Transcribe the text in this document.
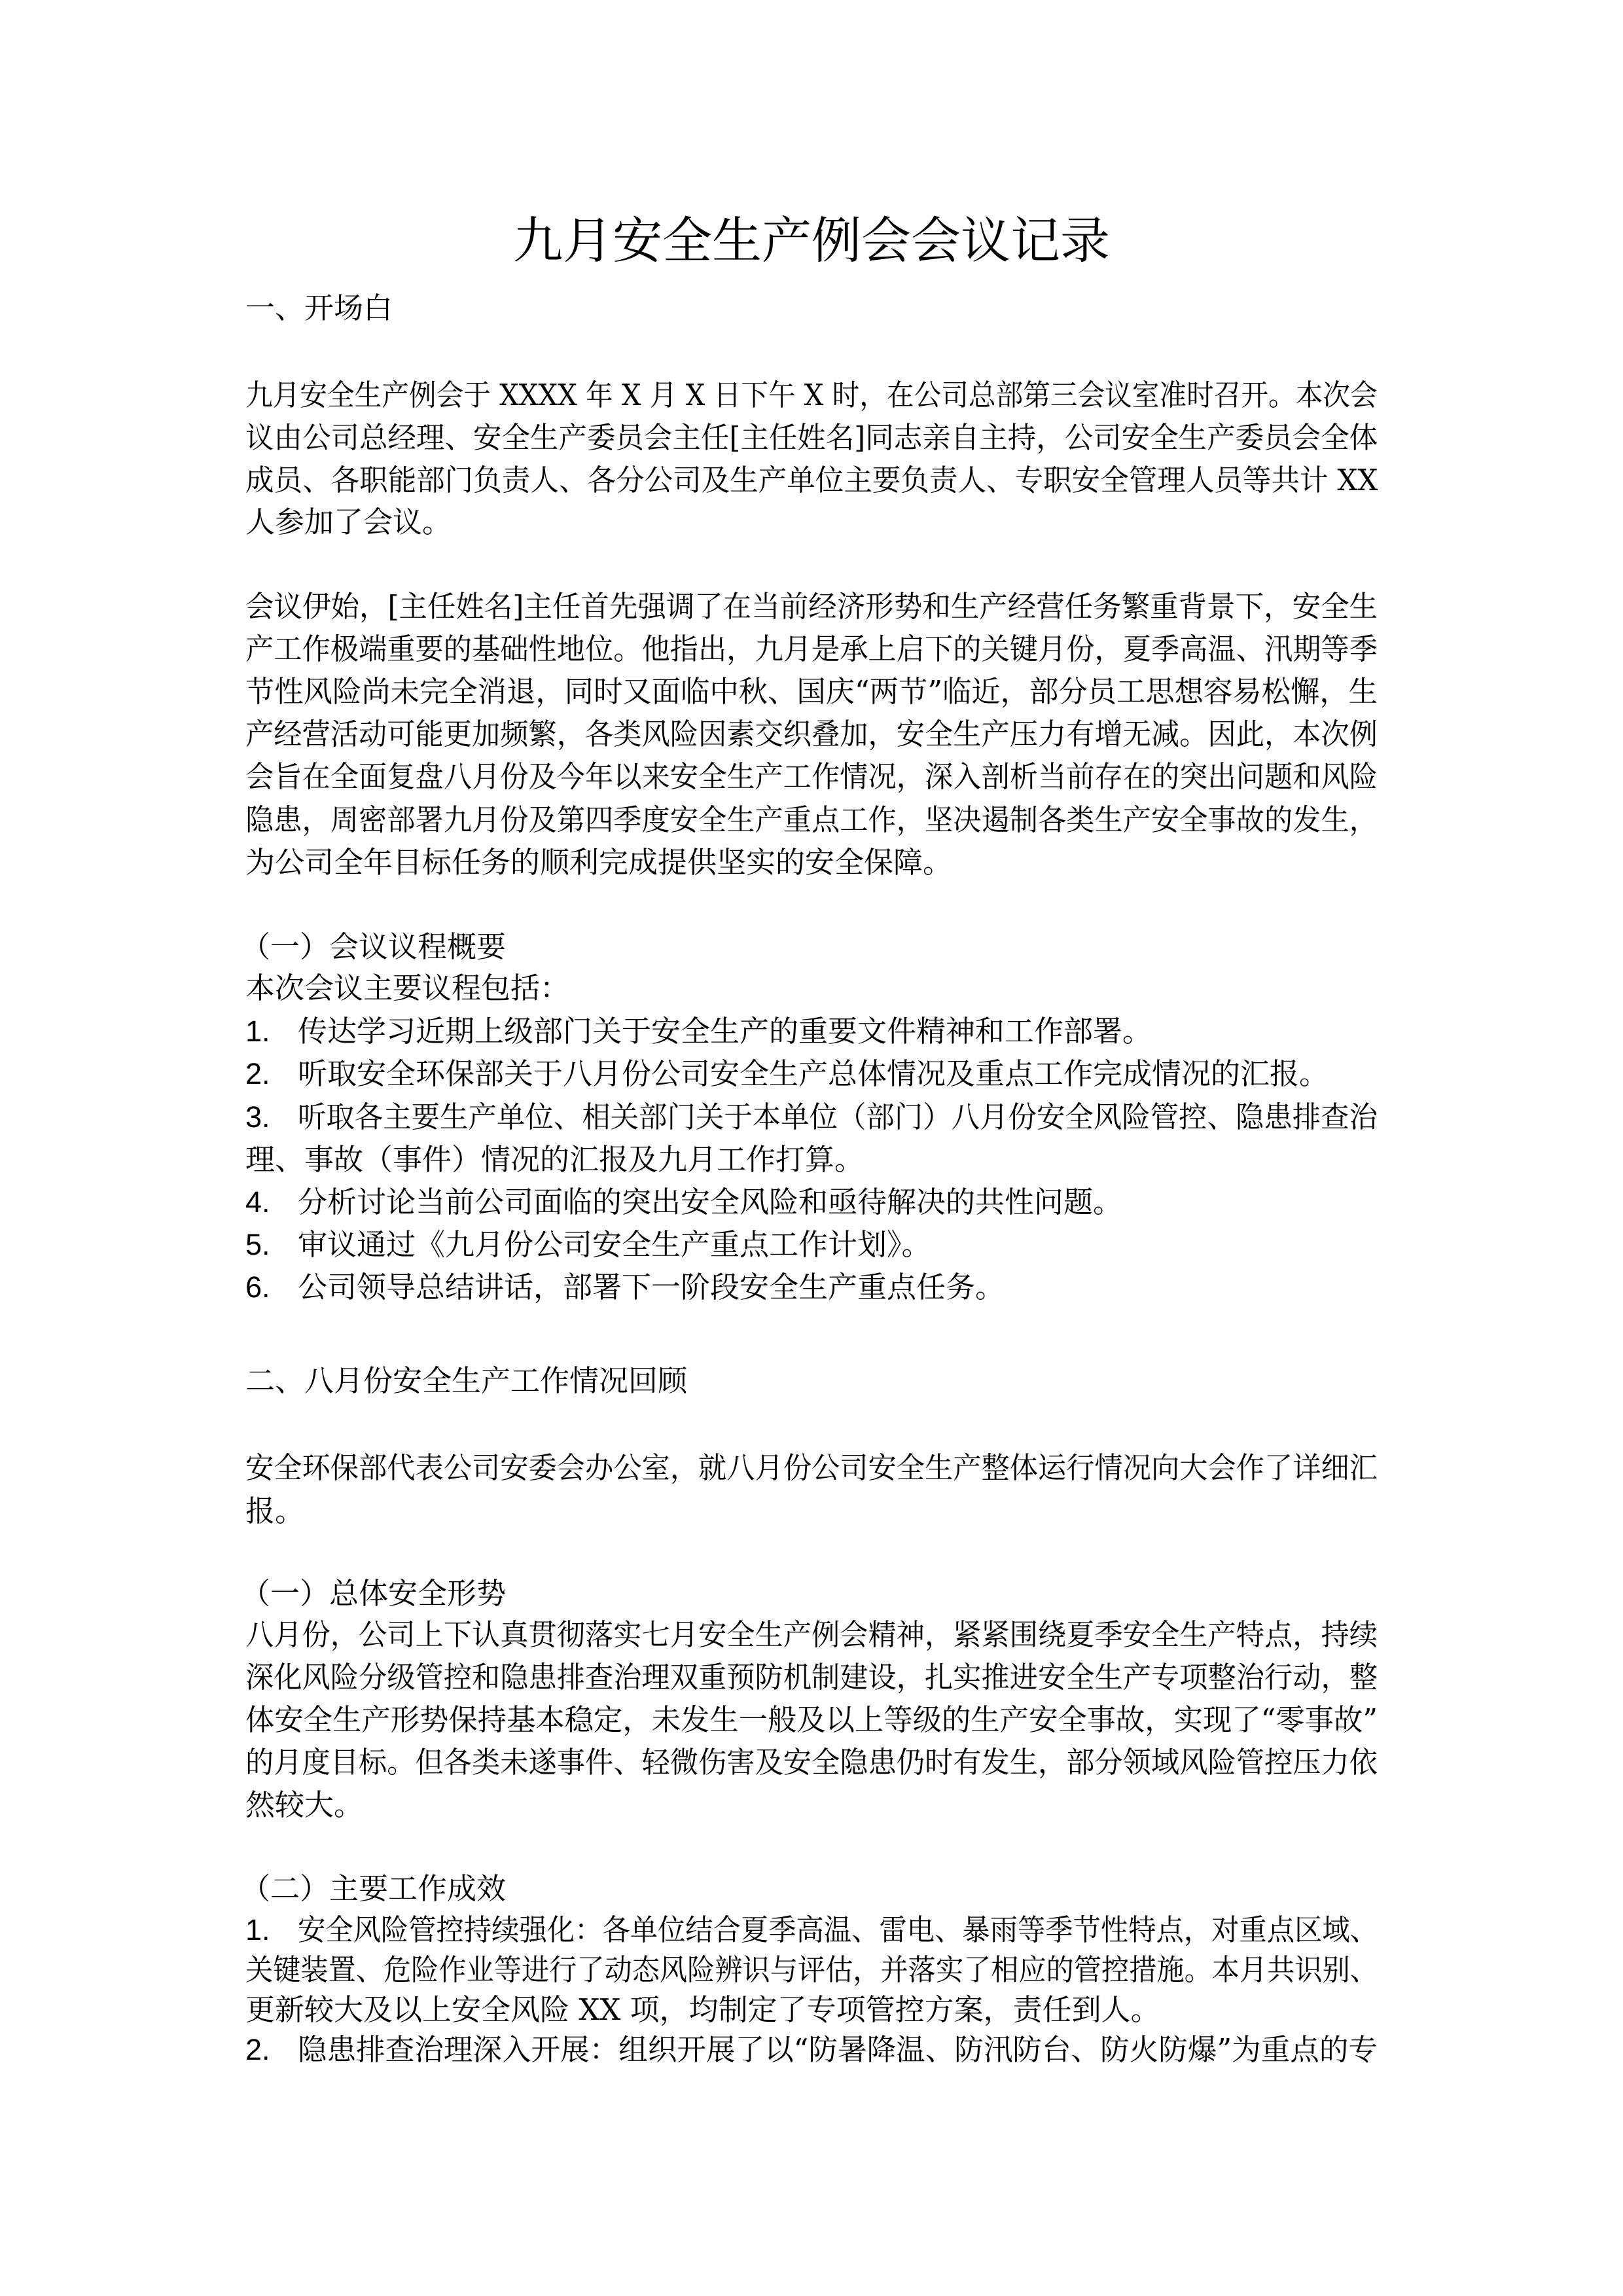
九月安全生产例会会议记录
一、开场白
九月安全生产例会于 XXXX 年 X 月 X 日下午 X 时，在公司总部第三会议室准时召开。本次会
议由公司总经理、安全生产委员会主任[主任姓名]同志亲自主持，公司安全生产委员会全体
成员、各职能部门负责人、各分公司及生产单位主要负责人、专职安全管理人员等共计 XX
人参加了会议。
会议伊始，[主任姓名]主任首先强调了在当前经济形势和生产经营任务繁重背景下，安全生
产工作极端重要的基础性地位。他指出，九月是承上启下的关键月份，夏季高温、汛期等季
节性风险尚未完全消退，同时又面临中秋、国庆“两节”临近，部分员工思想容易松懈，生
产经营活动可能更加频繁，各类风险因素交织叠加，安全生产压力有增无减。因此，本次例
会旨在全面复盘八月份及今年以来安全生产工作情况，深入剖析当前存在的突出问题和风险
隐患，周密部署九月份及第四季度安全生产重点工作，坚决遏制各类生产安全事故的发生，
为公司全年目标任务的顺利完成提供坚实的安全保障。
（一）会议议程概要
本次会议主要议程包括：
1. 传达学习近期上级部门关于安全生产的重要文件精神和工作部署。
2. 听取安全环保部关于八月份公司安全生产总体情况及重点工作完成情况的汇报。
3. 听取各主要生产单位、相关部门关于本单位（部门）八月份安全风险管控、隐患排查治
理、事故（事件）情况的汇报及九月工作打算。
4. 分析讨论当前公司面临的突出安全风险和亟待解决的共性问题。
5. 审议通过《九月份公司安全生产重点工作计划》。
6. 公司领导总结讲话，部署下一阶段安全生产重点任务。
二、八月份安全生产工作情况回顾
安全环保部代表公司安委会办公室，就八月份公司安全生产整体运行情况向大会作了详细汇
报。
（一）总体安全形势
八月份，公司上下认真贯彻落实七月安全生产例会精神，紧紧围绕夏季安全生产特点，持续
深化风险分级管控和隐患排查治理双重预防机制建设，扎实推进安全生产专项整治行动，整
体安全生产形势保持基本稳定，未发生一般及以上等级的生产安全事故，实现了“零事故”
的月度目标。但各类未遂事件、轻微伤害及安全隐患仍时有发生，部分领域风险管控压力依
然较大。
（二）主要工作成效
1. 安全风险管控持续强化：各单位结合夏季高温、雷电、暴雨等季节性特点，对重点区域、
关键装置、危险作业等进行了动态风险辨识与评估，并落实了相应的管控措施。本月共识别、
更新较大及以上安全风险 XX 项，均制定了专项管控方案，责任到人。
2. 隐患排查治理深入开展：组织开展了以“防暑降温、防汛防台、防火防爆”为重点的专
